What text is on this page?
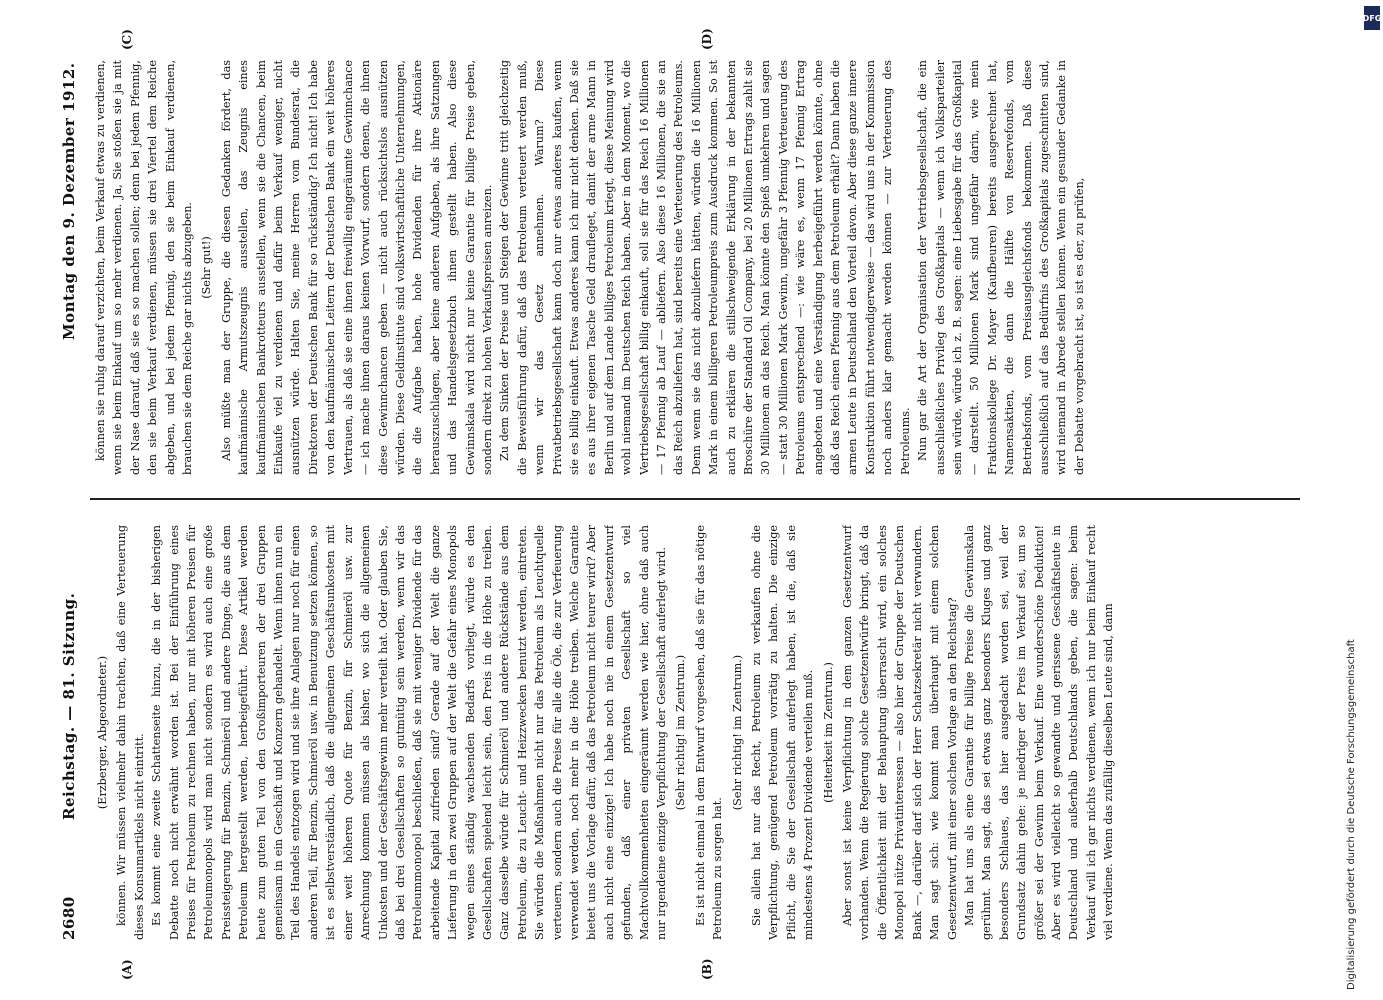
2680
Reichstag. — 81. Sitzung.
Montag den 9. Dezember 1912.
(A)	(B)
(C)	(D)

(Erzberger, Abgeordneter.) können. Wir müssen vielmehr dahin trachten, daß eine Verteuerung dieses Konsumartikels nicht eintritt. Es kommt eine zweite Schattenseite hinzu, die in der bisherigen Debatte noch nicht erwähnt worden ist. Bei der Einführung eines Preises für Petroleum zu rechnen haben, nur mit höheren Preisen für Petroleumonopols wird man nicht sondern es wird auch eine große Preissteigerung für Benzin, Schmieröl und andere Dinge, die aus dem Petroleum hergestellt werden, herbeigeführt. Diese Artikel werden heute zum guten Teil von den Großimporteuren der drei Gruppen gemeinsam in ein Geschäft und Konzern gehandelt. Wenn ihnen nun ein Teil des Handels entzogen wird und sie ihre Anlagen nur noch für einen anderen Teil, für Benzin, Schmieröl usw. in Benutzung setzen können, so ist es selbstverständlich, daß die allgemeinen Geschäftsunkosten mit einer weit höheren Quote für Benzin, für Schmieröl usw. zur Anrechnung kommen müssen als bisher, wo sich die allgemeinen Unkosten und der Geschäftsgewinn mehr verteilt hat. Oder glauben Sie, daß bei drei Gesellschaften so gutmütig sein werden, wenn wir das Petroleummonopol beschließen, daß sie mit weniger Dividende für das arbeitende Kapital zufrieden sind? Gerade auf der Welt die ganze Lieferung in den zwei Gruppen auf der Welt die Gefahr eines Monopols wegen eines ständig wachsenden Bedarfs vorliegt, würde es den Gesellschaften spielend leicht sein, den Preis in die Höhe zu treiben. Ganz dasselbe würde für Schmieröl und andere Rückstände aus dem Petroleum, die zu Leucht- und Heizzwecken benutzt werden, eintreten. Sie würden die Maßnahmen nicht nur das Petroleum als Leuchtquelle verteuern, sondern auch die Preise für alle die Öle, die zur Verfeuerung verwendet werden, noch mehr in die Höhe treiben. Welche Garantie bietet uns die Vorlage dafür, daß das Petroleum nicht teurer wird? Aber auch nicht eine einzige! Ich habe noch nie in einem Gesetzentwurf gefunden, daß einer privaten Gesellschaft so viel Machtvollkommenheiten eingeräumt werden wie hier, ohne daß auch nur irgendeine einzige Verpflichtung der Gesellschaft auferlegt wird. (Sehr richtig! im Zentrum.) Es ist nicht einmal in dem Entwurf vorgesehen, daß sie für das nötige Petroleum zu sorgen hat.

(Sehr richtig! im Zentrum.) Sie allein hat nur das Recht, Petroleum zu verkaufen ohne die Verpflichtung, genügend Petroleum vorrätig zu halten. Die einzige Pflicht, die Sie der Gesellschaft auferlegt haben, ist die, daß sie mindestens 4 Prozent Dividende verteilen muß. (Heiterkeit im Zentrum.) Aber sonst ist keine Verpflichtung in dem ganzen Gesetzentwurf vorhanden. Wenn die Regierung solche Gesetzentwürfe bringt, daß da die Öffentlichkeit mit der Behauptung überrascht wird, ein solches Monopol nütze Privatinteressen — also hier der Gruppe der Deutschen Bank —, darüber darf sich der Herr Schatzsekretär nicht verwundern. Man sagt sich: wie kommt man überhaupt mit einem solchen Gesetzentwurf, mit einer solchen Vorlage an den Reichstag? Man hat uns als eine Garantie für billige Preise die Gewinnskala gerühmt. Man sagt, das sei etwas ganz besonders Kluges und ganz besonders Schlaues, das hier ausgedacht worden sei, weil der Grundsatz dahin gehe: je niedriger der Preis im Verkauf sei, um so größer sei der Gewinn beim Verkauf. Eine wunderschöne Deduktion! Aber es wird vielleicht so gewandte und gerissene Geschäftsleute in Deutschland und außerhalb Deutschlands geben, die sagen: beim Verkauf will ich gar nichts verdienen, wenn ich nur beim Einkauf recht viel verdiene. Wenn das zufällig dieselben Leute sind, dann

können sie ruhig darauf verzichten, beim Verkauf etwas zu verdienen, wenn sie beim Einkauf um so mehr verdienen. Ja, Sie stoßen sie ja mit der Nase darauf, daß sie es so machen sollen; denn bei jedem Pfennig, den sie beim Verkauf verdienen, müssen sie drei Viertel dem Reiche abgeben, und bei jedem Pfennig, den sie beim Einkauf verdienen, brauchen sie dem Reiche gar nichts abzugeben. (Sehr gut!) Also müßte man der Gruppe, die diesen Gedanken fördert, das kaufmännische Armutszeugnis ausstellen, das Zeugnis eines kaufmännischen Bankrotteurs ausstellen, wenn sie die Chancen, beim Einkaufe viel zu verdienen und dafür beim Verkauf weniger, nicht ausnützen würde. Halten Sie, meine Herren vom Bundesrat, die Direktoren der Deutschen Bank für so rückständig? Ich nicht! Ich habe von den kaufmännischen Leitern der Deutschen Bank ein weit höheres Vertrauen, als daß sie eine ihnen freiwillig eingeräumte Gewinnchance — ich mache ihnen daraus keinen Vorwurf, sondern denen, die ihnen diese Gewinnchancen geben — nicht auch rücksichtslos ausnützen würden. Diese Geldinstitute sind volkswirtschaftliche Unternehmungen, die die Aufgabe haben, hohe Dividenden für ihre Aktionäre herauszuschlagen, aber keine anderen Aufgaben, als ihre Satzungen und das Handelsgesetzbuch ihnen gestellt haben. Also diese Gewinnskala wird nicht nur keine Garantie für billige Preise geben, sondern direkt zu hohen Verkaufspreisen anreizen. Zu dem Sinken der Preise und Steigen der Gewinne tritt gleichzeitig die Beweisführung dafür, daß das Petroleum verteuert werden muß, wenn wir das Gesetz annehmen. Warum? Diese Privatbetriebsgesellschaft kann doch nur etwas anderes kaufen, wenn sie es billig einkauft. Etwas anderes kann ich mir nicht denken. Daß sie es aus ihrer eigenen Tasche Geld draufleget, damit der arme Mann in Berlin und auf dem Lande billiges Petroleum kriegt, diese Meinung wird wohl niemand im Deutschen Reich haben. Aber in dem Moment, wo die Vertriebsgesellschaft billig einkauft, soll sie für das Reich 16 Millionen — 17 Pfennig ab Lauf — abliefern. Also diese 16 Millionen, die sie an das Reich abzuliefern hat, sind bereits eine Verteuerung des Petroleums. Denn wenn sie das nicht abzuliefern hätten, würden die 16 Millionen Mark in einem billigeren Petroleumpreis zum Ausdruck kommen. So ist auch zu erklären die stillschweigende Erklärung in der bekannten Broschüre der Standard Oil Company, bei 20 Millionen Ertrags zahlt sie 30 Millionen an das Reich. Man könnte den Spieß umkehren und sagen — statt 30 Millionen Mark Gewinn, ungefähr 3 Pfennig Verteuerung des Petroleums entsprechend —: wie wäre es, wenn 17 Pfennig Ertrag angeboten und eine Verständigung herbeigeführt werden könnte, ohne daß das Reich einen Pfennig aus dem Petroleum erhält? Dann haben die armen Leute in Deutschland den Vorteil davon. Aber diese ganze innere Konstruktion führt notwendigerweise — das wird uns in der Kommission noch anders klar gemacht werden können — zur Verteuerung des Petroleums. Nun gar die Art der Organisation der Vertriebsgesellschaft, die ein ausschließliches Privileg des Großkapitals — wenn ich Volksparteiler sein würde, würde ich z. B. sagen: eine Liebesgabe für das Großkapital — darstellt. 50 Millionen Mark sind ungefähr darin, wie mein Fraktionskollege Dr. Mayer (Kaufbeuren) bereits ausgerechnet hat, Namensaktien, die dann die Hälfte von Reservefonds, vom Betriebsfonds, vom Preisausgleichsfonds bekommen. Daß diese ausschließlich auf das Bedürfnis des Großkapitals zugeschnitten sind, wird niemand in Abrede stellen können. Wenn ein gesunder Gedanke in der Debatte vorgebracht ist, so ist es der, zu prüfen,

DFG
Digitalisierung gefördert durch die Deutsche Forschungsgemeinschaft
